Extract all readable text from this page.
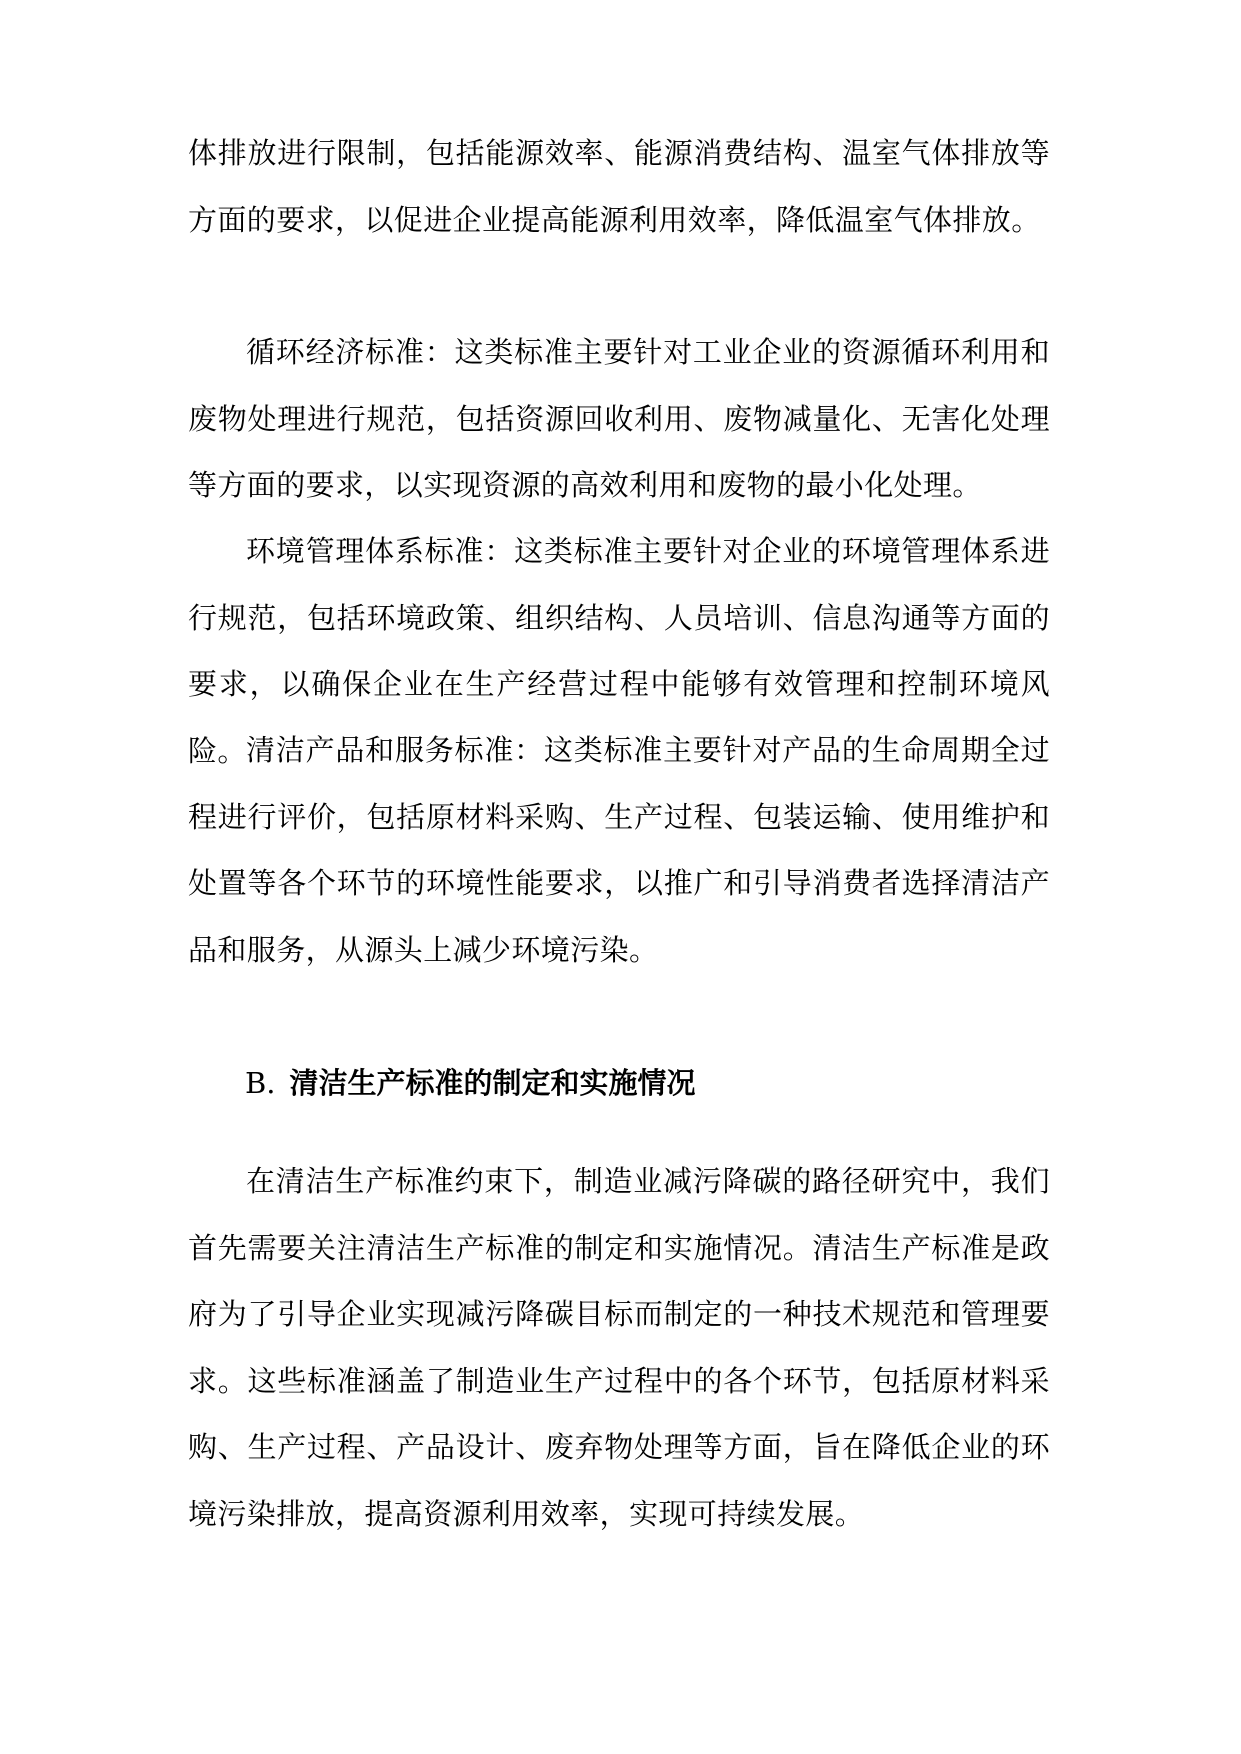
体排放进行限制，包括能源效率、能源消费结构、温室气体排放等方面的要求，以促进企业提高能源利用效率，降低温室气体排放。

循环经济标准：这类标准主要针对工业企业的资源循环利用和废物处理进行规范，包括资源回收利用、废物减量化、无害化处理等方面的要求，以实现资源的高效利用和废物的最小化处理。

环境管理体系标准：这类标准主要针对企业的环境管理体系进行规范，包括环境政策、组织结构、人员培训、信息沟通等方面的要求，以确保企业在生产经营过程中能够有效管理和控制环境风险。 清洁产品和服务标准：这类标准主要针对产品的生命周期全过程进行评价，包括原材料采购、生产过程、包装运输、使用维护和处置等各个环节的环境性能要求，以推广和引导消费者选择清洁产品和服务，从源头上减少环境污染。

B. 清洁生产标准的制定和实施情况

在清洁生产标准约束下，制造业减污降碳的路径研究中，我们首先需要关注清洁生产标准的制定和实施情况。清洁生产标准是政府为了引导企业实现减污降碳目标而制定的一种技术规范和管理要求。这些标准涵盖了制造业生产过程中的各个环节，包括原材料采购、生产过程、产品设计、废弃物处理等方面，旨在降低企业的环境污染排放，提高资源利用效率，实现可持续发展。
